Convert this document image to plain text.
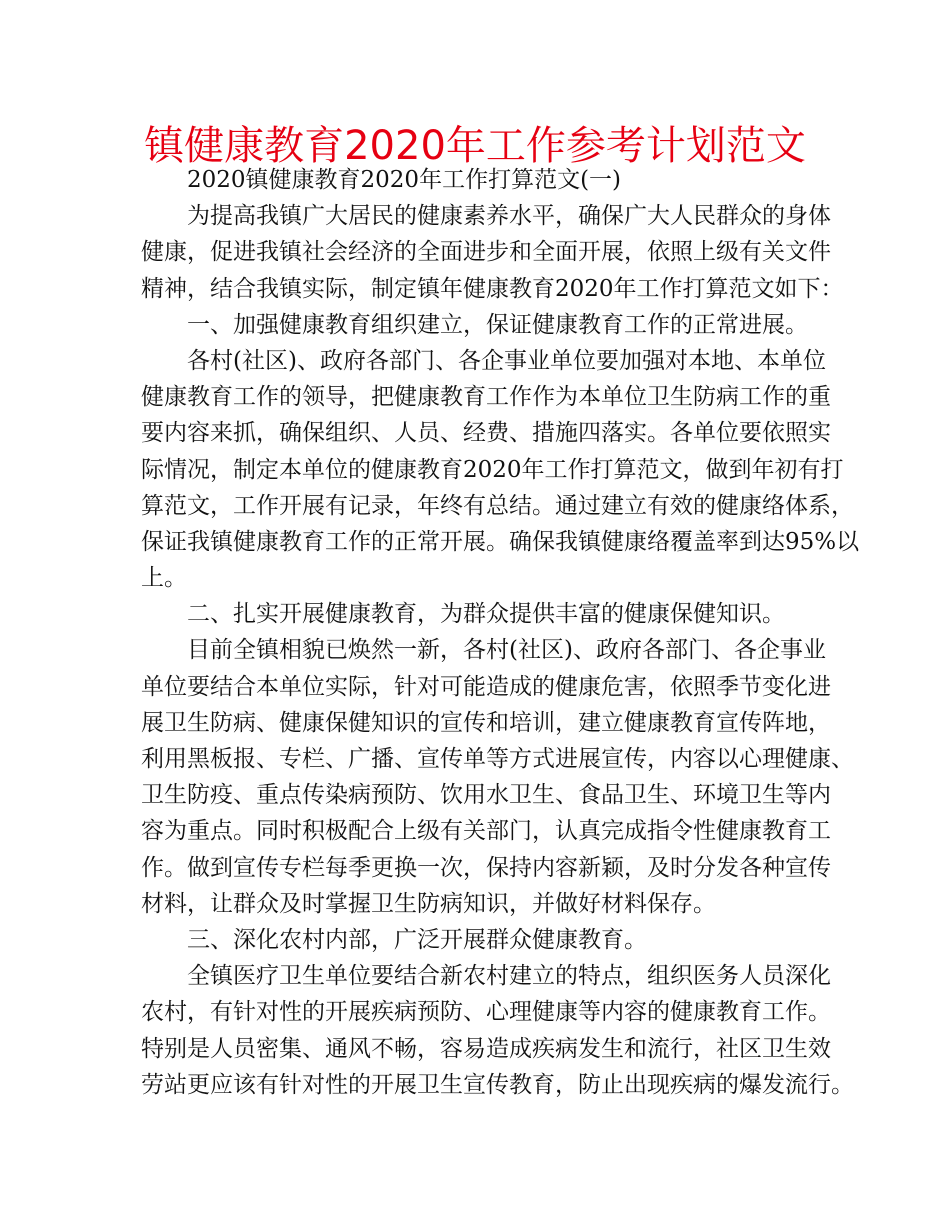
镇健康教育2020年工作参考计划范文
2020镇健康教育2020年工作打算范文(一)
为提高我镇广大居民的健康素养水平，确保广大人民群众的身体
健康，促进我镇社会经济的全面进步和全面开展，依照上级有关文件
精神，结合我镇实际，制定镇年健康教育2020年工作打算范文如下：
一、加强健康教育组织建立，保证健康教育工作的正常进展。
各村(社区)、政府各部门、各企事业单位要加强对本地、本单位
健康教育工作的领导，把健康教育工作作为本单位卫生防病工作的重
要内容来抓，确保组织、人员、经费、措施四落实。各单位要依照实
际情况，制定本单位的健康教育2020年工作打算范文，做到年初有打
算范文，工作开展有记录，年终有总结。通过建立有效的健康络体系，
保证我镇健康教育工作的正常开展。确保我镇健康络覆盖率到达95%以
上。
二、扎实开展健康教育，为群众提供丰富的健康保健知识。
目前全镇相貌已焕然一新，各村(社区)、政府各部门、各企事业
单位要结合本单位实际，针对可能造成的健康危害，依照季节变化进
展卫生防病、健康保健知识的宣传和培训，建立健康教育宣传阵地，
利用黑板报、专栏、广播、宣传单等方式进展宣传，内容以心理健康、
卫生防疫、重点传染病预防、饮用水卫生、食品卫生、环境卫生等内
容为重点。同时积极配合上级有关部门，认真完成指令性健康教育工
作。做到宣传专栏每季更换一次，保持内容新颖，及时分发各种宣传
材料，让群众及时掌握卫生防病知识，并做好材料保存。
三、深化农村内部，广泛开展群众健康教育。
全镇医疗卫生单位要结合新农村建立的特点，组织医务人员深化
农村，有针对性的开展疾病预防、心理健康等内容的健康教育工作。
特别是人员密集、通风不畅，容易造成疾病发生和流行，社区卫生效
劳站更应该有针对性的开展卫生宣传教育，防止出现疾病的爆发流行。
